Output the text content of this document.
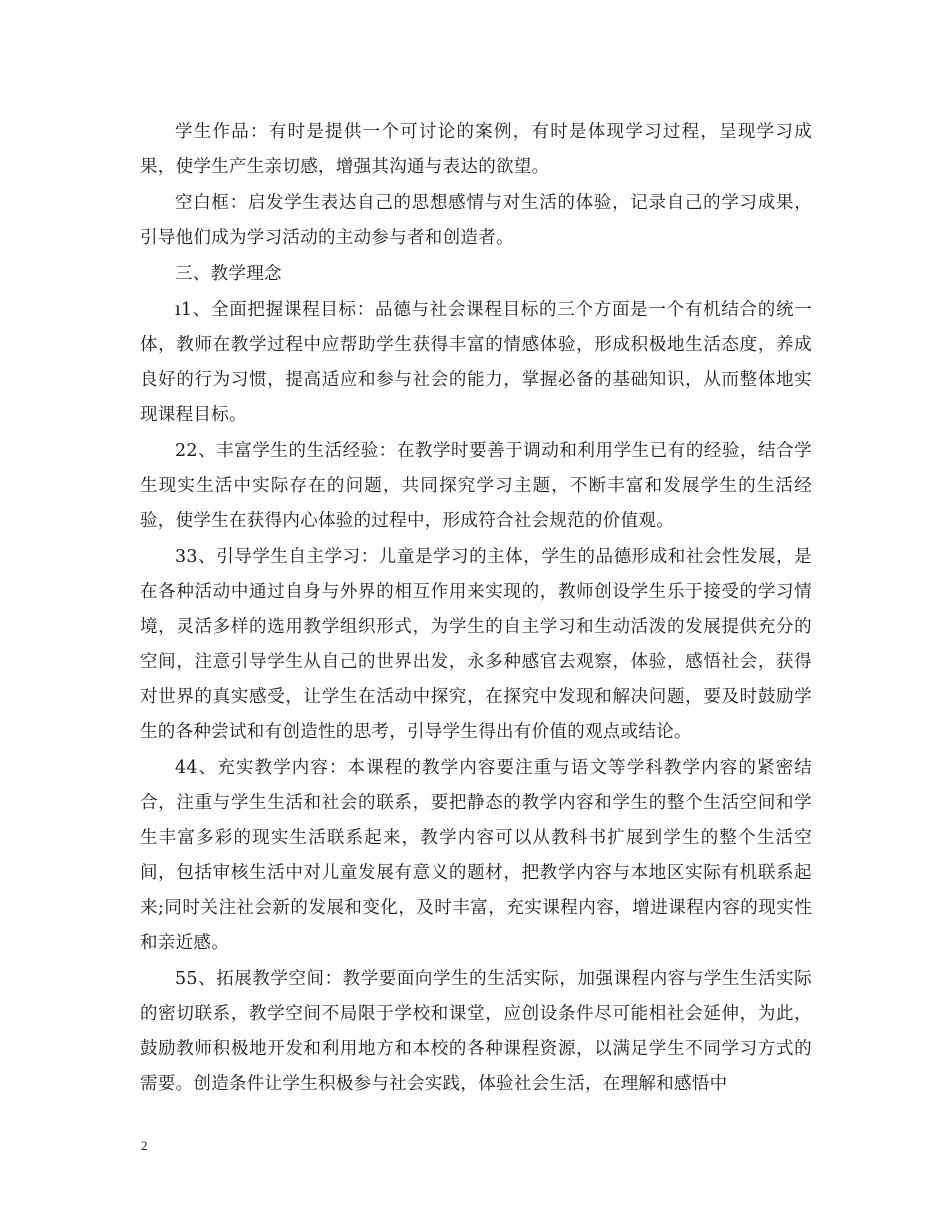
学生作品：有时是提供一个可讨论的案例，有时是体现学习过程，呈现学习成果，使学生产生亲切感，增强其沟通与表达的欲望。

空白框：启发学生表达自己的思想感情与对生活的体验，记录自己的学习成果，引导他们成为学习活动的主动参与者和创造者。

三、教学理念

ı1、全面把握课程目标：品德与社会课程目标的三个方面是一个有机结合的统一体，教师在教学过程中应帮助学生获得丰富的情感体验，形成积极地生活态度，养成良好的行为习惯，提高适应和参与社会的能力，掌握必备的基础知识，从而整体地实现课程目标。

22、丰富学生的生活经验：在教学时要善于调动和利用学生已有的经验，结合学生现实生活中实际存在的问题，共同探究学习主题，不断丰富和发展学生的生活经验，使学生在获得内心体验的过程中，形成符合社会规范的价值观。

33、引导学生自主学习：儿童是学习的主体，学生的品德形成和社会性发展，是在各种活动中通过自身与外界的相互作用来实现的，教师创设学生乐于接受的学习情境，灵活多样的选用教学组织形式，为学生的自主学习和生动活泼的发展提供充分的空间，注意引导学生从自己的世界出发，永多种感官去观察，体验，感悟社会，获得对世界的真实感受，让学生在活动中探究，在探究中发现和解决问题，要及时鼓励学生的各种尝试和有创造性的思考，引导学生得出有价值的观点或结论。

44、充实教学内容：本课程的教学内容要注重与语文等学科教学内容的紧密结合，注重与学生生活和社会的联系，要把静态的教学内容和学生的整个生活空间和学生丰富多彩的现实生活联系起来，教学内容可以从教科书扩展到学生的整个生活空间，包括审核生活中对儿童发展有意义的题材，把教学内容与本地区实际有机联系起来;同时关注社会新的发展和变化，及时丰富，充实课程内容，增进课程内容的现实性和亲近感。

55、拓展教学空间：教学要面向学生的生活实际，加强课程内容与学生生活实际的密切联系，教学空间不局限于学校和课堂，应创设条件尽可能相社会延伸，为此，鼓励教师积极地开发和利用地方和本校的各种课程资源，以满足学生不同学习方式的需要。创造条件让学生积极参与社会实践，体验社会生活，在理解和感悟中

2
